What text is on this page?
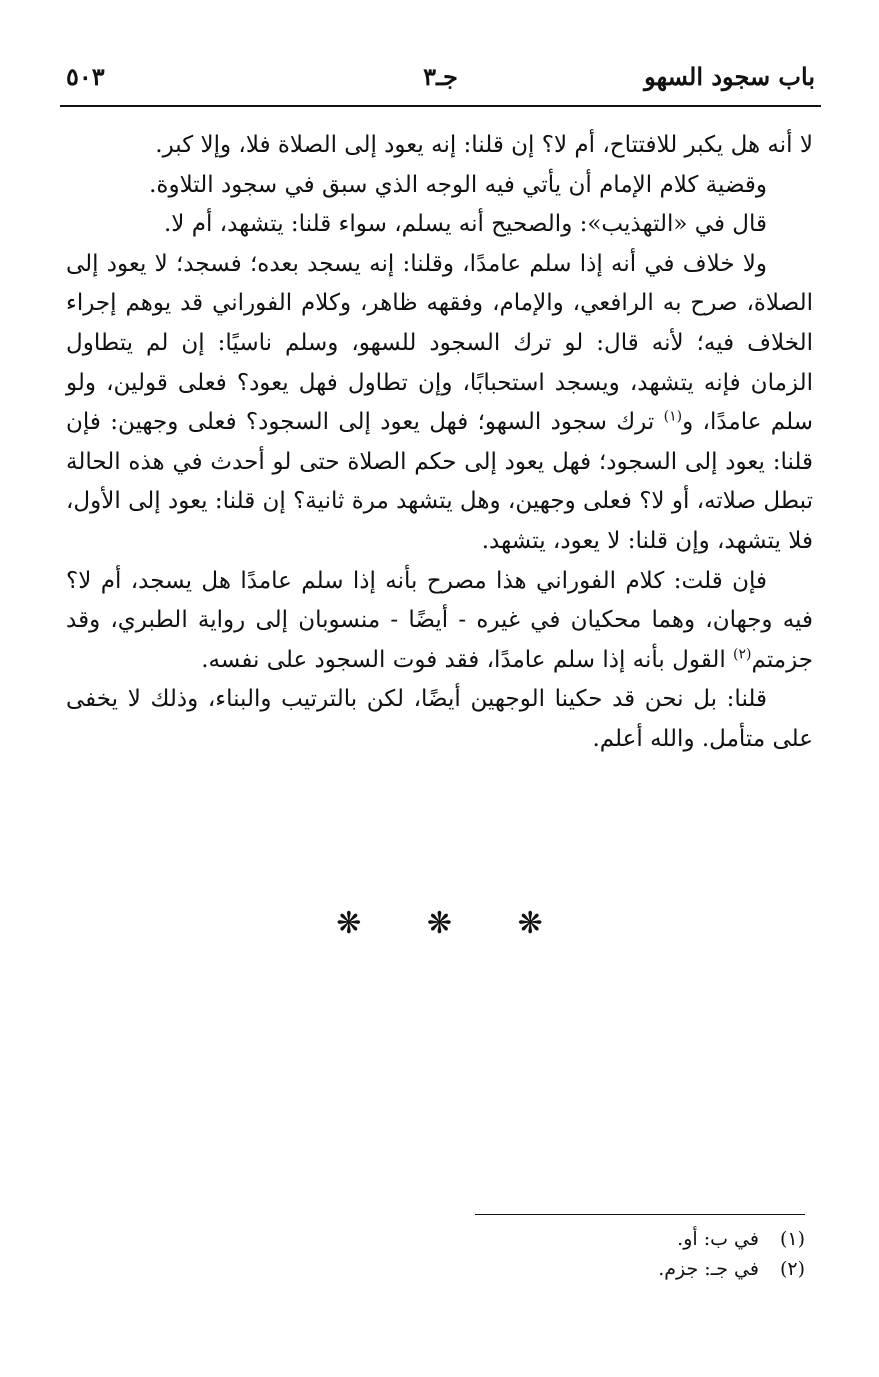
باب سجود السهو
جـ٣
٥٠٣

لا أنه هل يكبر للافتتاح، أم لا؟ إن قلنا: إنه يعود إلى الصلاة فلا، وإلا كبر.

وقضية كلام الإمام أن يأتي فيه الوجه الذي سبق في سجود التلاوة.

قال في «التهذيب»: والصحيح أنه يسلم، سواء قلنا: يتشهد، أم لا.

ولا خلاف في أنه إذا سلم عامدًا، وقلنا: إنه يسجد بعده؛ فسجد؛ لا يعود إلى الصلاة، صرح به الرافعي، والإمام، وفقهه ظاهر، وكلام الفوراني قد يوهم إجراء الخلاف فيه؛ لأنه قال: لو ترك السجود للسهو، وسلم ناسيًا: إن لم يتطاول الزمان فإنه يتشهد، ويسجد استحبابًا، وإن تطاول فهل يعود؟ فعلى قولين، ولو سلم عامدًا، و$^{(١)}$ ترك سجود السهو؛ فهل يعود إلى السجود؟ فعلى وجهين: فإن قلنا: يعود إلى السجود؛ فهل يعود إلى حكم الصلاة حتى لو أحدث في هذه الحالة تبطل صلاته، أو لا؟ فعلى وجهين، وهل يتشهد مرة ثانية؟ إن قلنا: يعود إلى الأول، فلا يتشهد، وإن قلنا: لا يعود، يتشهد.

فإن قلت: كلام الفوراني هذا مصرح بأنه إذا سلم عامدًا هل يسجد، أم لا؟ فيه وجهان، وهما محكيان في غيره - أيضًا - منسوبان إلى رواية الطبري، وقد جزمتم$^{(٢)}$ القول بأنه إذا سلم عامدًا، فقد فوت السجود على نفسه.

قلنا: بل نحن قد حكينا الوجهين أيضًا، لكن بالترتيب والبناء، وذلك لا يخفى على متأمل. والله أعلم.

❋ ❋ ❋
(١) في ب: أو.
(٢) في جـ: جزم.
